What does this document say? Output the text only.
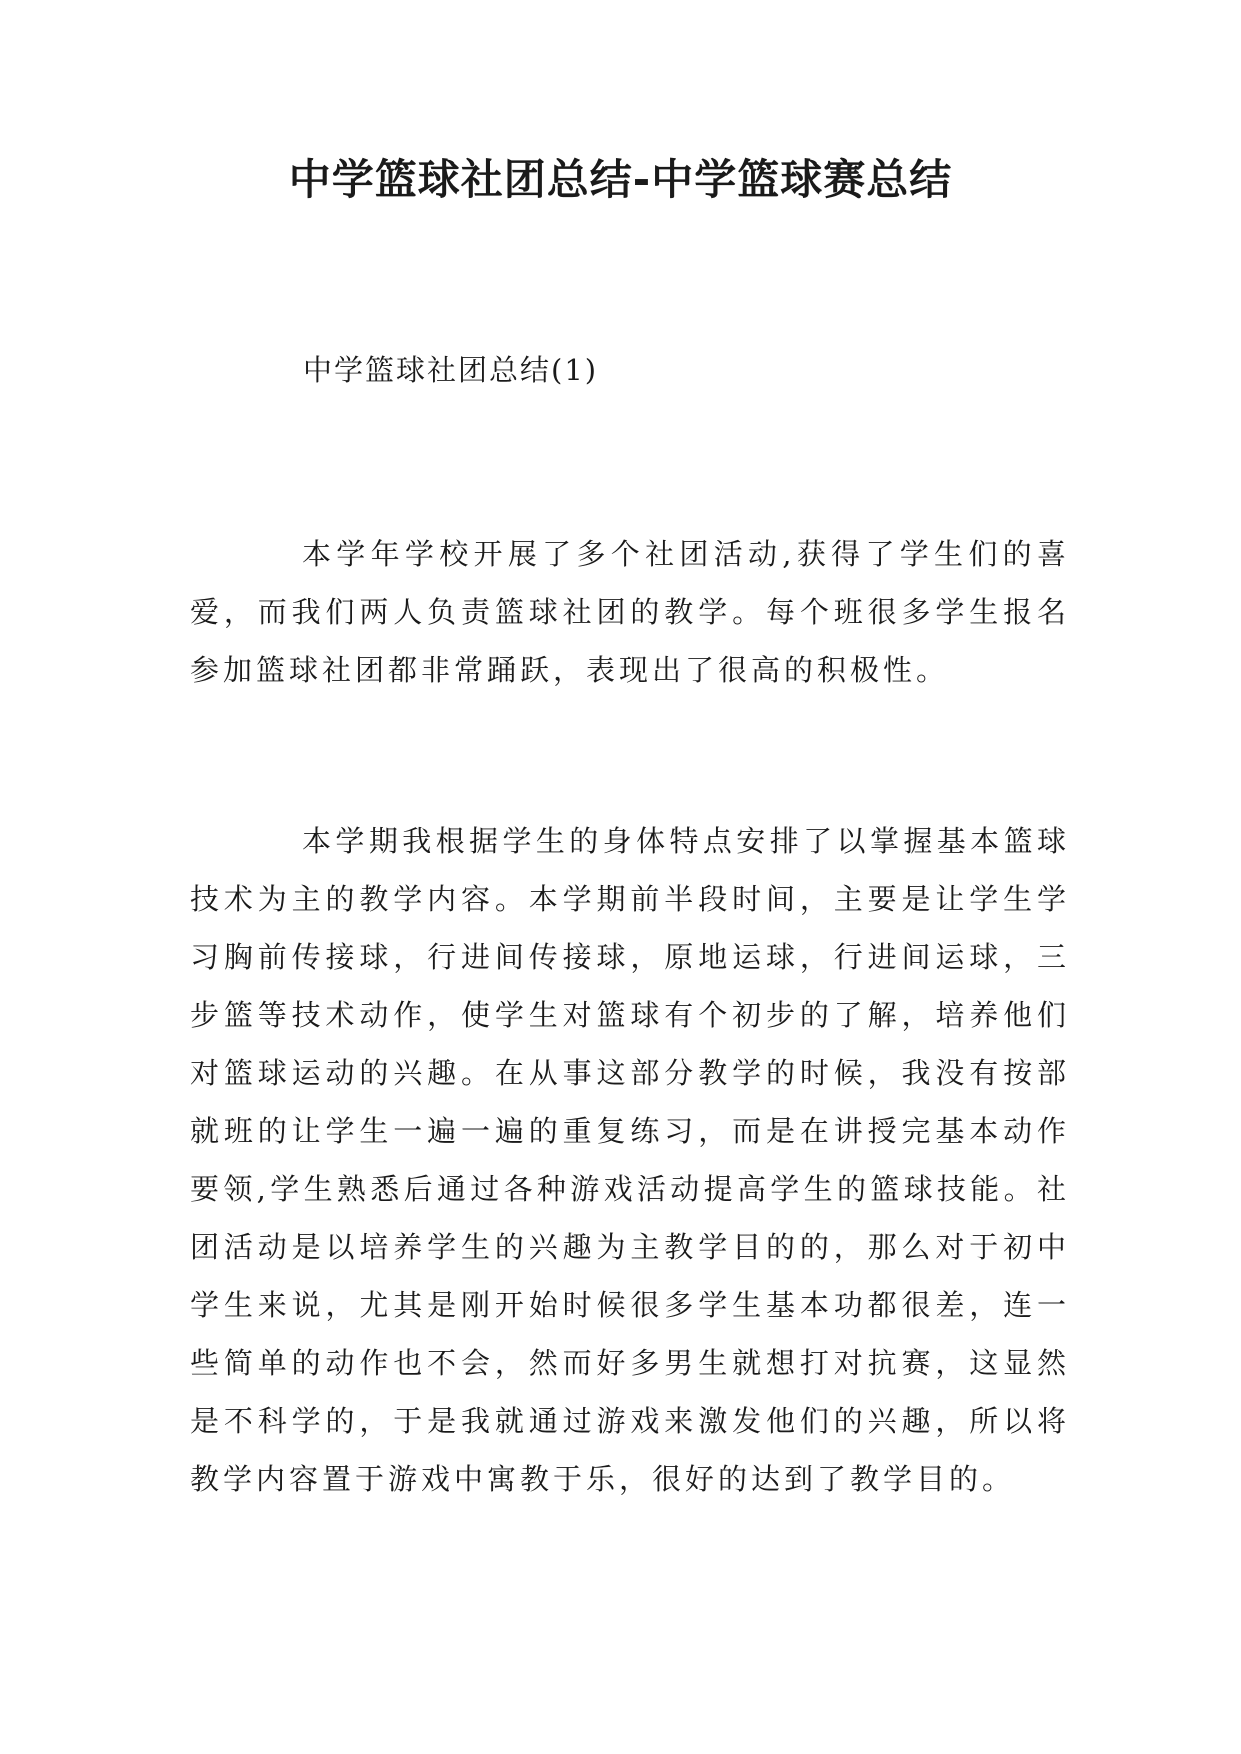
中学篮球社团总结-中学篮球赛总结

中学篮球社团总结(1)

本学年学校开展了多个社团活动,获得了学生们的喜爱，而我们两人负责篮球社团的教学。每个班很多学生报名参加篮球社团都非常踊跃，表现出了很高的积极性。

本学期我根据学生的身体特点安排了以掌握基本篮球技术为主的教学内容。本学期前半段时间，主要是让学生学习胸前传接球，行进间传接球，原地运球，行进间运球，三步篮等技术动作，使学生对篮球有个初步的了解，培养他们对篮球运动的兴趣。在从事这部分教学的时候，我没有按部就班的让学生一遍一遍的重复练习，而是在讲授完基本动作要领,学生熟悉后通过各种游戏活动提高学生的篮球技能。社团活动是以培养学生的兴趣为主教学目的的，那么对于初中学生来说，尤其是刚开始时候很多学生基本功都很差，连一些简单的动作也不会，然而好多男生就想打对抗赛，这显然是不科学的，于是我就通过游戏来激发他们的兴趣，所以将教学内容置于游戏中寓教于乐，很好的达到了教学目的。
